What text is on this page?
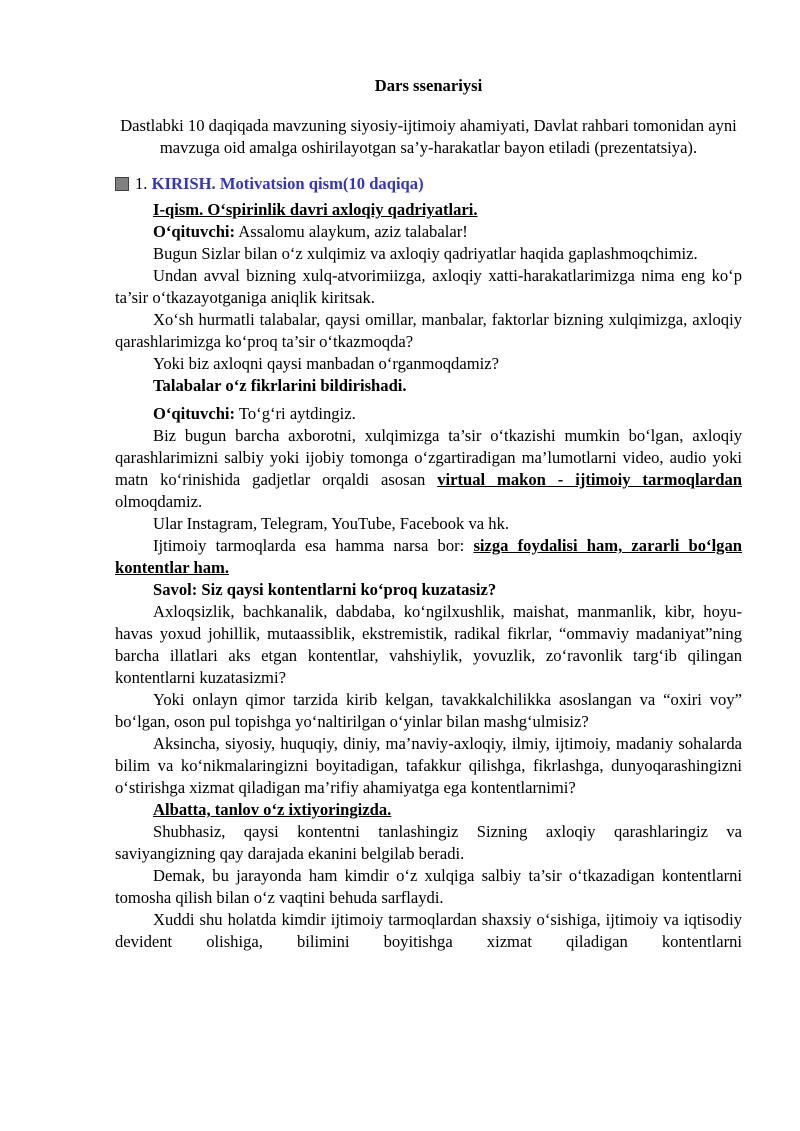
Dars ssenariysi
Dastlabki 10 daqiqada mavzuning siyosiy-ijtimoiy ahamiyati, Davlat rahbari tomonidan ayni mavzuga oid amalga oshirilayotgan sa’y-harakatlar bayon etiladi (prezentatsiya).
1.
KIRISH. Motivatsion qism(10 daqiqa)

I-qism. O‘spirinlik davri axloqiy qadriyatlari.

O‘qituvchi: Assalomu alaykum, aziz talabalar!

Bugun Sizlar bilan o‘z xulqimiz va axloqiy qadriyatlar haqida gaplashmoqchimiz.

Undan avval bizning xulq-atvorimiizga, axloqiy xatti-harakatlarimizga nima eng ko‘p ta’sir o‘tkazayotganiga aniqlik kiritsak.

Xo‘sh hurmatli talabalar, qaysi omillar, manbalar, faktorlar bizning xulqimizga, axloqiy qarashlarimizga ko‘proq ta’sir o‘tkazmoqda?

Yoki biz axloqni qaysi manbadan o‘rganmoqdamiz?

Talabalar o‘z fikrlarini bildirishadi.

O‘qituvchi: To‘g‘ri aytdingiz.

Biz bugun barcha axborotni, xulqimizga ta’sir o‘tkazishi mumkin bo‘lgan, axloqiy qarashlarimizni salbiy yoki ijobiy tomonga o‘zgartiradigan ma’lumotlarni video, audio yoki matn ko‘rinishida gadjetlar orqaldi asosan virtual makon - ijtimoiy tarmoqlardan olmoqdamiz.

Ular Instagram, Telegram, YouTube, Facebook va hk.

Ijtimoiy tarmoqlarda esa hamma narsa bor: sizga foydalisi ham, zararli bo‘lgan kontentlar ham.

Savol: Siz qaysi kontentlarni ko‘proq kuzatasiz?

Axloqsizlik, bachkanalik, dabdaba, ko‘ngilxushlik, maishat, manmanlik, kibr, hoyu-havas yoxud johillik, mutaassiblik, ekstremistik, radikal fikrlar, “ommaviy madaniyat”ning barcha illatlari aks etgan kontentlar, vahshiylik, yovuzlik, zo‘ravonlik targ‘ib qilingan kontentlarni kuzatasizmi?

Yoki onlayn qimor tarzida kirib kelgan, tavakkalchilikka asoslangan va “oxiri voy” bo‘lgan, oson pul topishga yo‘naltirilgan o‘yinlar bilan mashg‘ulmisiz?

Aksincha, siyosiy, huquqiy, diniy, ma’naviy-axloqiy, ilmiy, ijtimoiy, madaniy sohalarda bilim va ko‘nikmalaringizni boyitadigan, tafakkur qilishga, fikrlashga, dunyoqarashingizni o‘stirishga xizmat qiladigan ma’rifiy ahamiyatga ega kontentlarnimi?

Albatta, tanlov o‘z ixtiyoringizda.

Shubhasiz, qaysi kontentni tanlashingiz Sizning axloqiy qarashlaringiz va saviyangizning qay darajada ekanini belgilab beradi.

Demak, bu jarayonda ham kimdir o‘z xulqiga salbiy ta’sir o‘tkazadigan kontentlarni tomosha qilish bilan o‘z vaqtini behuda sarflaydi.

Xuddi shu holatda kimdir ijtimoiy tarmoqlardan shaxsiy o‘sishiga, ijtimoiy va iqtisodiy devident olishiga, bilimini boyitishga xizmat qiladigan kontentlarni
